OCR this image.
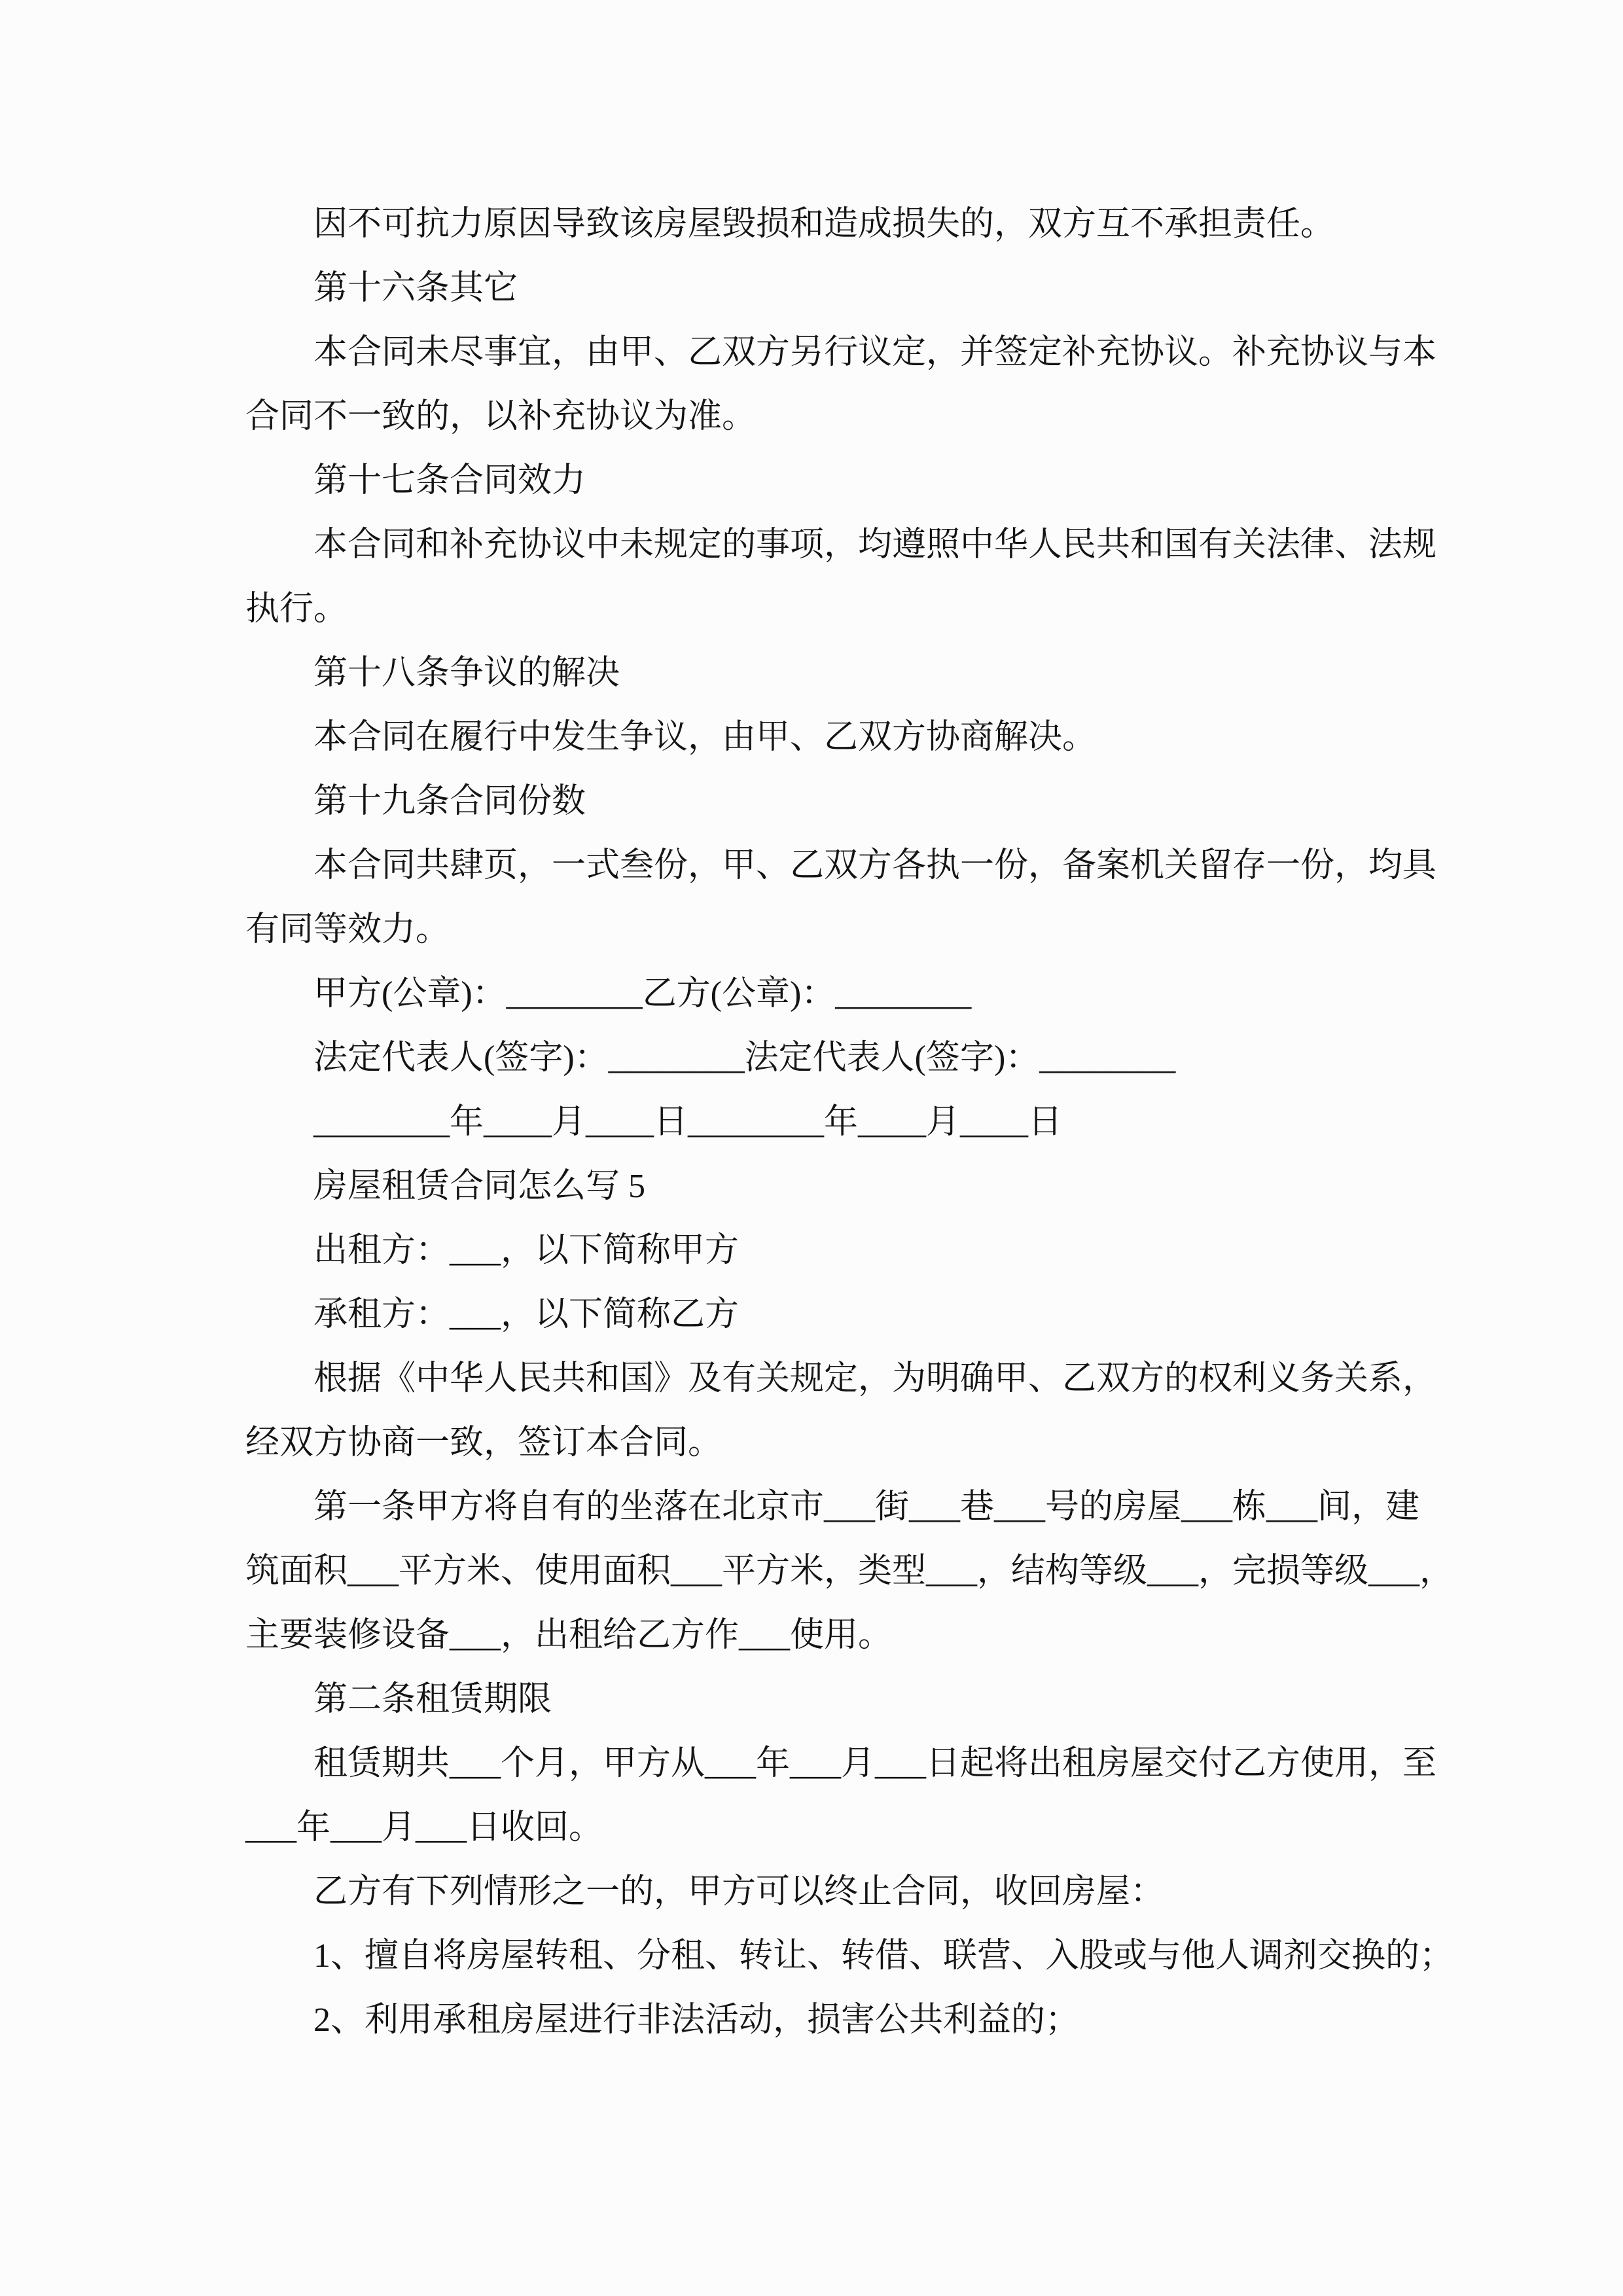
因不可抗力原因导致该房屋毁损和造成损失的，双方互不承担责任。
第十六条其它
本合同未尽事宜，由甲、乙双方另行议定，并签定补充协议。补充协议与本
合同不一致的，以补充协议为准。
第十七条合同效力
本合同和补充协议中未规定的事项，均遵照中华人民共和国有关法律、法规
执行。
第十八条争议的解决
本合同在履行中发生争议，由甲、乙双方协商解决。
第十九条合同份数
本合同共肆页，一式叁份，甲、乙双方各执一份，备案机关留存一份，均具
有同等效力。
甲方(公章)：________乙方(公章)：________
法定代表人(签字)：________法定代表人(签字)：________
________年____月____日________年____月____日
房屋租赁合同怎么写 5
出租方：___，以下简称甲方
承租方：___，以下简称乙方
根据《中华人民共和国》及有关规定，为明确甲、乙双方的权利义务关系，
经双方协商一致，签订本合同。
第一条甲方将自有的坐落在北京市___街___巷___号的房屋___栋___间，建
筑面积___平方米、使用面积___平方米，类型___，结构等级___，完损等级___，
主要装修设备___，出租给乙方作___使用。
第二条租赁期限
租赁期共___个月，甲方从___年___月___日起将出租房屋交付乙方使用，至
___年___月___日收回。
乙方有下列情形之一的，甲方可以终止合同，收回房屋：
1、擅自将房屋转租、分租、转让、转借、联营、入股或与他人调剂交换的；
2、利用承租房屋进行非法活动，损害公共利益的；
